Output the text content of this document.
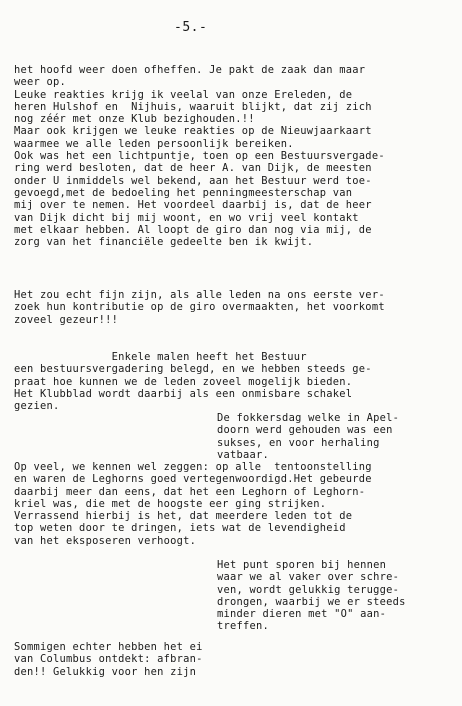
-5.-
het hoofd weer doen ofheffen. Je pakt de zaak dan maar
weer op.
Leuke reakties krijg ik veelal van onze Ereleden, de
heren Hulshof en  Nijhuis, waaruit blijkt, dat zij zich
nog zéér met onze Klub bezighouden.!!
Maar ook krijgen we leuke reakties op de Nieuwjaarkaart
waarmee we alle leden persoonlijk bereiken.
Ook was het een lichtpuntje, toen op een Bestuursvergade-
ring werd besloten, dat de heer A. van Dijk, de meesten
onder U inmiddels wel bekend, aan het Bestuur werd toe-
gevoegd,met de bedoeling het penningmeesterschap van
mij over te nemen. Het voordeel daarbij is, dat de heer
van Dijk dicht bij mij woont, en wo vrij veel kontakt
met elkaar hebben. Al loopt de giro dan nog via mij, de
zorg van het financiële gedeelte ben ik kwijt.
Het zou echt fijn zijn, als alle leden na ons eerste ver-
zoek hun kontributie op de giro overmaakten, het voorkomt
zoveel gezeur!!!
Enkele malen heeft het Bestuur
een bestuursvergadering belegd, en we hebben steeds ge-
praat hoe kunnen we de leden zoveel mogelijk bieden.
Het Klubblad wordt daarbij als een onmisbare schakel
gezien.
De fokkersdag welke in Apel-
doorn werd gehouden was een
sukses, en voor herhaling
vatbaar.
Op veel, we kennen wel zeggen: op alle  tentoonstelling
en waren de Leghorns goed vertegenwoordigd.Het gebeurde
daarbij meer dan eens, dat het een Leghorn of Leghorn-
kriel was, die met de hoogste eer ging strijken.
Verrassend hierbij is het, dat meerdere leden tot de
top weten door te dringen, iets wat de levendigheid
van het eksposeren verhoogt.
Het punt sporen bij hennen
waar we al vaker over schre-
ven, wordt gelukkig terugge-
drongen, waarbij we er steeds
minder dieren met "O" aan-
treffen.
Sommigen echter hebben het ei
van Columbus ontdekt: afbran-
den!! Gelukkig voor hen zijn
